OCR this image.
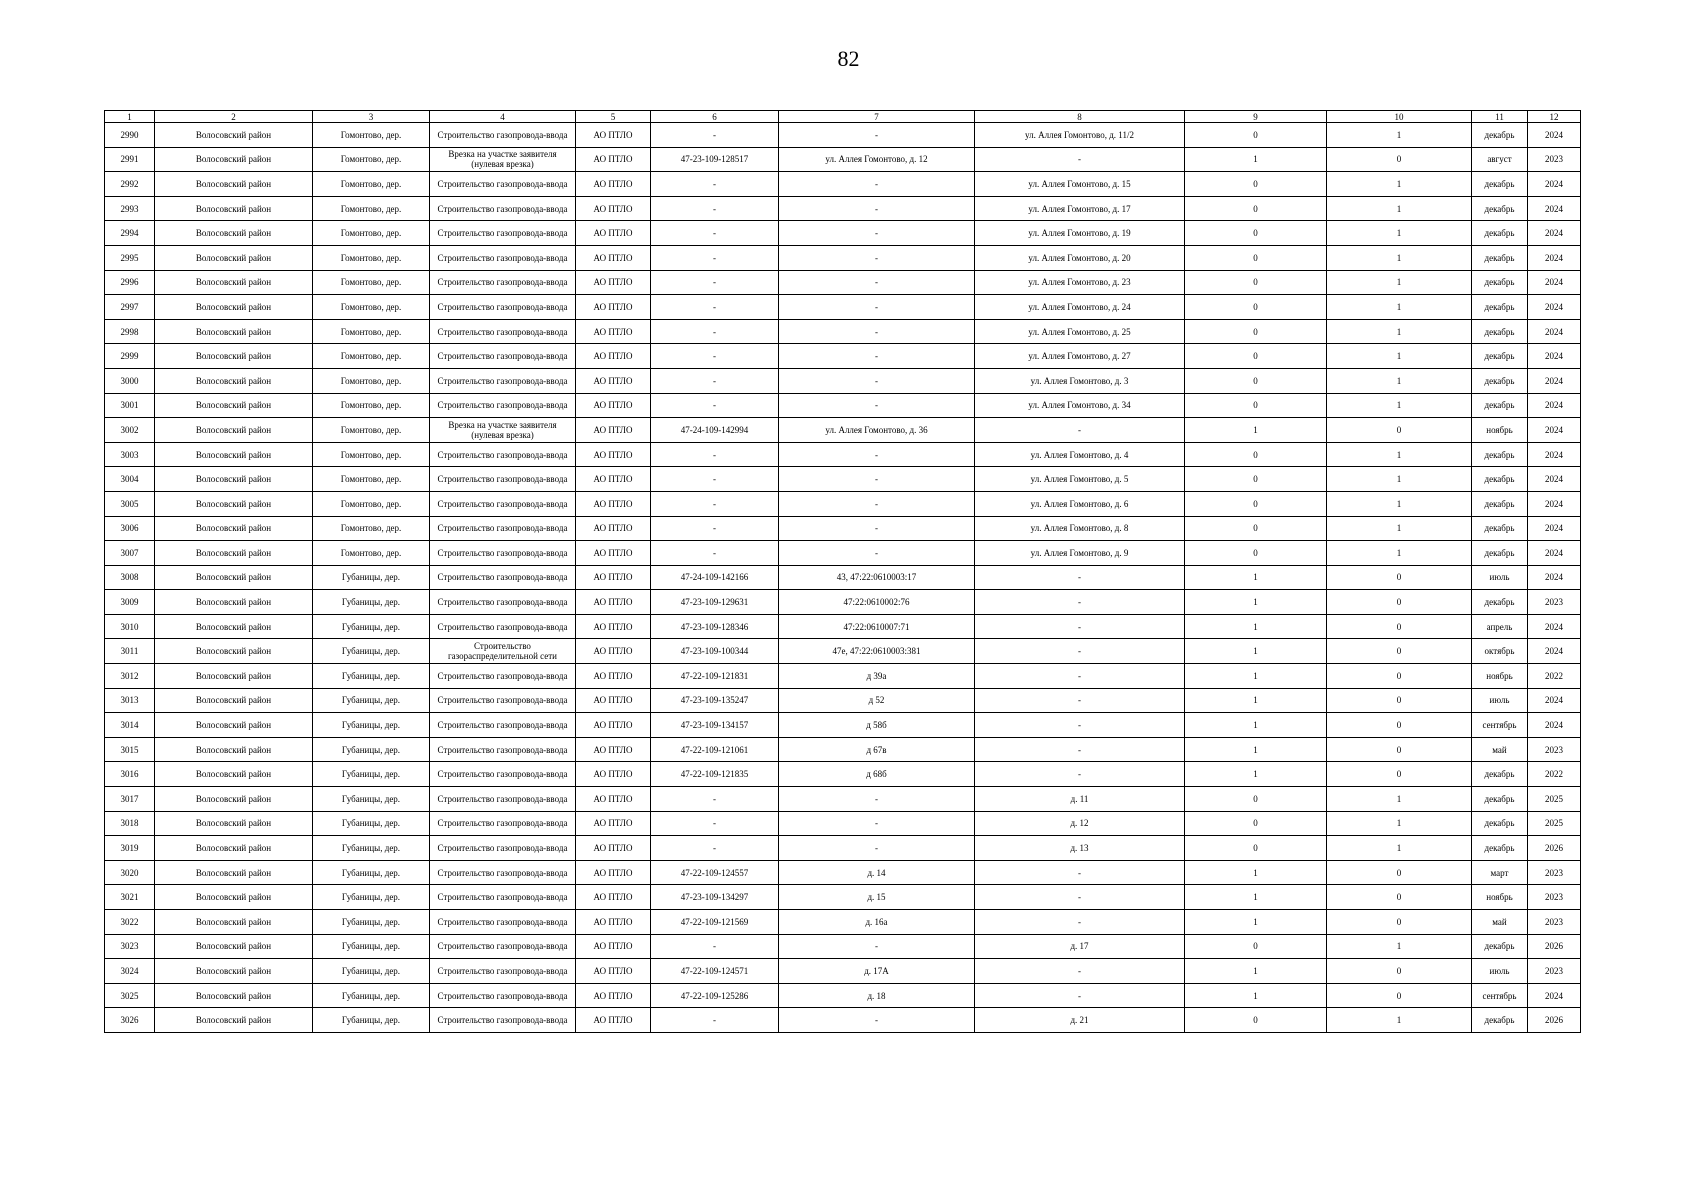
82
1	2	3	4	5	6	7	8	9	10	11	12
2990	Волосовский район	Гомонтово, дер.	Строительство газопровода-ввода	АО ПТЛО	-	-	ул. Аллея Гомонтово, д. 11/2	0	1	декабрь	2024
2991	Волосовский район	Гомонтово, дер.	Врезка на участке заявителя (нулевая врезка)	АО ПТЛО	47-23-109-128517	ул. Аллея Гомонтово, д. 12	-	1	0	август	2023
2992	Волосовский район	Гомонтово, дер.	Строительство газопровода-ввода	АО ПТЛО	-	-	ул. Аллея Гомонтово, д. 15	0	1	декабрь	2024
2993	Волосовский район	Гомонтово, дер.	Строительство газопровода-ввода	АО ПТЛО	-	-	ул. Аллея Гомонтово, д. 17	0	1	декабрь	2024
2994	Волосовский район	Гомонтово, дер.	Строительство газопровода-ввода	АО ПТЛО	-	-	ул. Аллея Гомонтово, д. 19	0	1	декабрь	2024
2995	Волосовский район	Гомонтово, дер.	Строительство газопровода-ввода	АО ПТЛО	-	-	ул. Аллея Гомонтово, д. 20	0	1	декабрь	2024
2996	Волосовский район	Гомонтово, дер.	Строительство газопровода-ввода	АО ПТЛО	-	-	ул. Аллея Гомонтово, д. 23	0	1	декабрь	2024
2997	Волосовский район	Гомонтово, дер.	Строительство газопровода-ввода	АО ПТЛО	-	-	ул. Аллея Гомонтово, д. 24	0	1	декабрь	2024
2998	Волосовский район	Гомонтово, дер.	Строительство газопровода-ввода	АО ПТЛО	-	-	ул. Аллея Гомонтово, д. 25	0	1	декабрь	2024
2999	Волосовский район	Гомонтово, дер.	Строительство газопровода-ввода	АО ПТЛО	-	-	ул. Аллея Гомонтово, д. 27	0	1	декабрь	2024
3000	Волосовский район	Гомонтово, дер.	Строительство газопровода-ввода	АО ПТЛО	-	-	ул. Аллея Гомонтово, д. 3	0	1	декабрь	2024
3001	Волосовский район	Гомонтово, дер.	Строительство газопровода-ввода	АО ПТЛО	-	-	ул. Аллея Гомонтово, д. 34	0	1	декабрь	2024
3002	Волосовский район	Гомонтово, дер.	Врезка на участке заявителя (нулевая врезка)	АО ПТЛО	47-24-109-142994	ул. Аллея Гомонтово, д. 36	-	1	0	ноябрь	2024
3003	Волосовский район	Гомонтово, дер.	Строительство газопровода-ввода	АО ПТЛО	-	-	ул. Аллея Гомонтово, д. 4	0	1	декабрь	2024
3004	Волосовский район	Гомонтово, дер.	Строительство газопровода-ввода	АО ПТЛО	-	-	ул. Аллея Гомонтово, д. 5	0	1	декабрь	2024
3005	Волосовский район	Гомонтово, дер.	Строительство газопровода-ввода	АО ПТЛО	-	-	ул. Аллея Гомонтово, д. 6	0	1	декабрь	2024
3006	Волосовский район	Гомонтово, дер.	Строительство газопровода-ввода	АО ПТЛО	-	-	ул. Аллея Гомонтово, д. 8	0	1	декабрь	2024
3007	Волосовский район	Гомонтово, дер.	Строительство газопровода-ввода	АО ПТЛО	-	-	ул. Аллея Гомонтово, д. 9	0	1	декабрь	2024
3008	Волосовский район	Губаницы, дер.	Строительство газопровода-ввода	АО ПТЛО	47-24-109-142166	43, 47:22:0610003:17	-	1	0	июль	2024
3009	Волосовский район	Губаницы, дер.	Строительство газопровода-ввода	АО ПТЛО	47-23-109-129631	47:22:0610002:76	-	1	0	декабрь	2023
3010	Волосовский район	Губаницы, дер.	Строительство газопровода-ввода	АО ПТЛО	47-23-109-128346	47:22:0610007:71	-	1	0	апрель	2024
3011	Волосовский район	Губаницы, дер.	Строительство газораспределительной сети	АО ПТЛО	47-23-109-100344	47е, 47:22:0610003:381	-	1	0	октябрь	2024
3012	Волосовский район	Губаницы, дер.	Строительство газопровода-ввода	АО ПТЛО	47-22-109-121831	д 39а	-	1	0	ноябрь	2022
3013	Волосовский район	Губаницы, дер.	Строительство газопровода-ввода	АО ПТЛО	47-23-109-135247	д 52	-	1	0	июль	2024
3014	Волосовский район	Губаницы, дер.	Строительство газопровода-ввода	АО ПТЛО	47-23-109-134157	д 58б	-	1	0	сентябрь	2024
3015	Волосовский район	Губаницы, дер.	Строительство газопровода-ввода	АО ПТЛО	47-22-109-121061	д 67в	-	1	0	май	2023
3016	Волосовский район	Губаницы, дер.	Строительство газопровода-ввода	АО ПТЛО	47-22-109-121835	д 68б	-	1	0	декабрь	2022
3017	Волосовский район	Губаницы, дер.	Строительство газопровода-ввода	АО ПТЛО	-	-	д. 11	0	1	декабрь	2025
3018	Волосовский район	Губаницы, дер.	Строительство газопровода-ввода	АО ПТЛО	-	-	д. 12	0	1	декабрь	2025
3019	Волосовский район	Губаницы, дер.	Строительство газопровода-ввода	АО ПТЛО	-	-	д. 13	0	1	декабрь	2026
3020	Волосовский район	Губаницы, дер.	Строительство газопровода-ввода	АО ПТЛО	47-22-109-124557	д. 14	-	1	0	март	2023
3021	Волосовский район	Губаницы, дер.	Строительство газопровода-ввода	АО ПТЛО	47-23-109-134297	д. 15	-	1	0	ноябрь	2023
3022	Волосовский район	Губаницы, дер.	Строительство газопровода-ввода	АО ПТЛО	47-22-109-121569	д. 16а	-	1	0	май	2023
3023	Волосовский район	Губаницы, дер.	Строительство газопровода-ввода	АО ПТЛО	-	-	д. 17	0	1	декабрь	2026
3024	Волосовский район	Губаницы, дер.	Строительство газопровода-ввода	АО ПТЛО	47-22-109-124571	д. 17А	-	1	0	июль	2023
3025	Волосовский район	Губаницы, дер.	Строительство газопровода-ввода	АО ПТЛО	47-22-109-125286	д. 18	-	1	0	сентябрь	2024
3026	Волосовский район	Губаницы, дер.	Строительство газопровода-ввода	АО ПТЛО	-	-	д. 21	0	1	декабрь	2026
